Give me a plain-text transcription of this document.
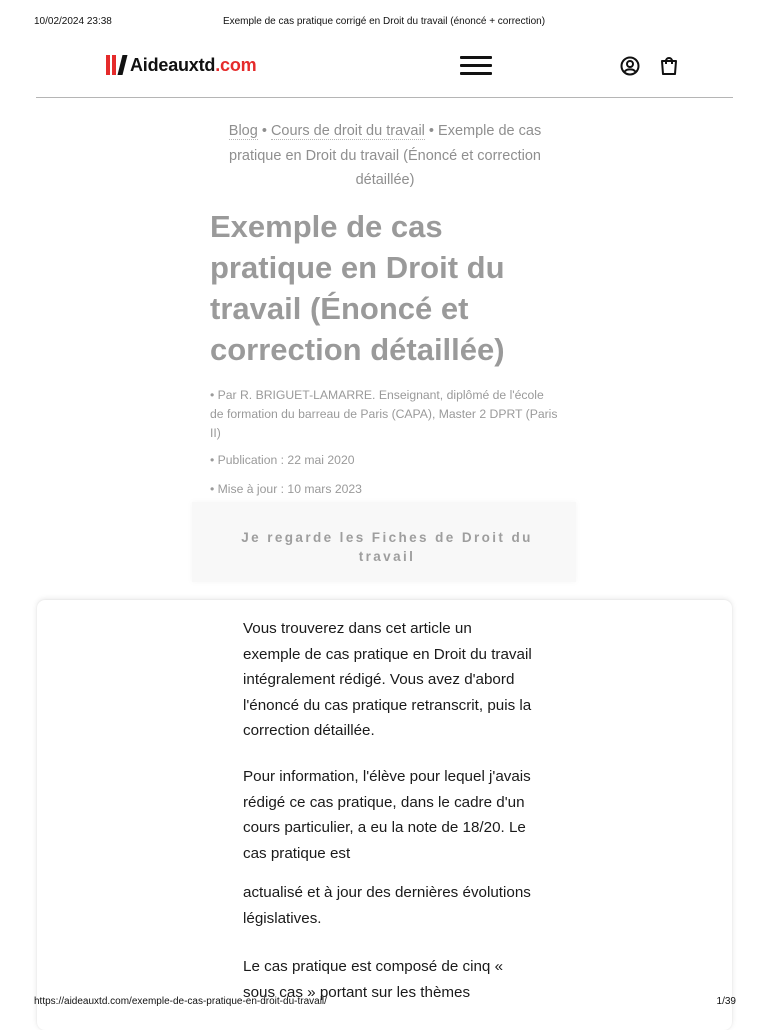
10/02/2024 23:38	Exemple de cas pratique corrigé en Droit du travail (énoncé + correction)
Aideauxtd.com
Blog • Cours de droit du travail • Exemple de cas pratique en Droit du travail (Énoncé et correction détaillée)
Exemple de cas pratique en Droit du travail (Énoncé et correction détaillée)
• Par R. BRIGUET-LAMARRE. Enseignant, diplômé de l'école de formation du barreau de Paris (CAPA), Master 2 DPRT (Paris II)
• Publication : 22 mai 2020
• Mise à jour : 10 mars 2023
Je regarde les Fiches de Droit du travail

Vous trouverez dans cet article un exemple de cas pratique en Droit du travail intégralement rédigé. Vous avez d'abord l'énoncé du cas pratique retranscrit, puis la correction détaillée.

Pour information, l'élève pour lequel j'avais rédigé ce cas pratique, dans le cadre d'un cours particulier, a eu la note de 18/20. Le cas pratique est

actualisé et à jour des dernières évolutions législatives.

Le cas pratique est composé de cinq « sous cas » portant sur les thèmes

https://aideauxtd.com/exemple-de-cas-pratique-en-droit-du-travail/	1/39
